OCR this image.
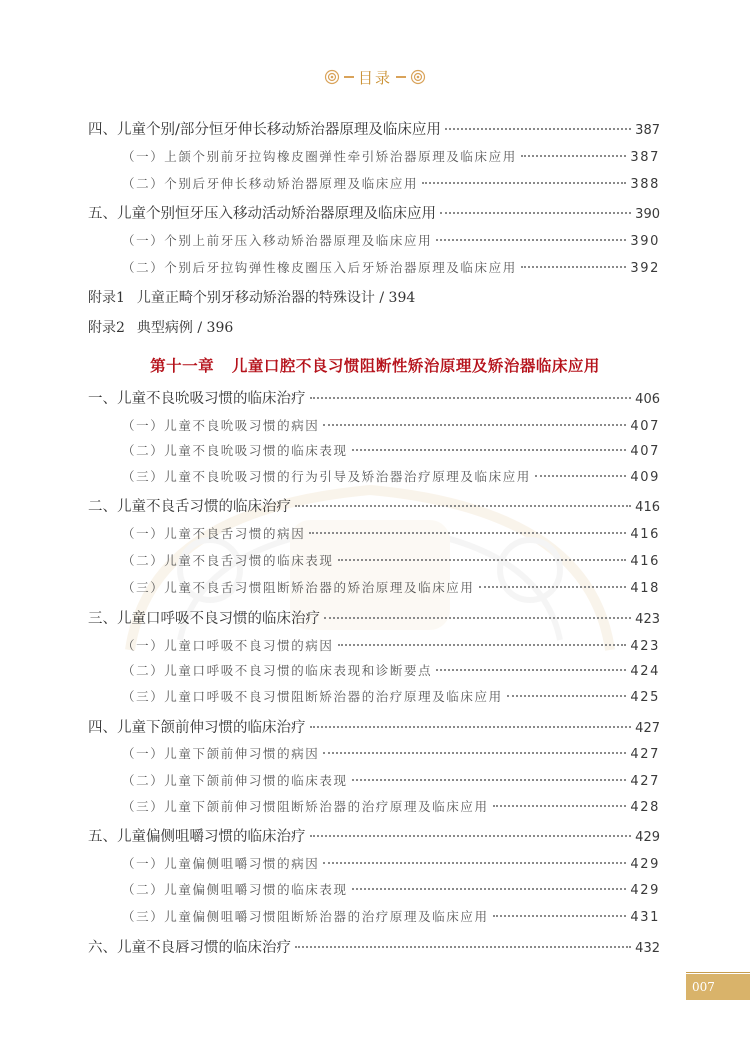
目录
四、儿童个别/部分恒牙伸长移动矫治器原理及临床应用	387
（一）上颌个别前牙拉钩橡皮圈弹性牵引矫治器原理及临床应用	387
（二）个别后牙伸长移动矫治器原理及临床应用	388
五、儿童个别恒牙压入移动活动矫治器原理及临床应用	390
（一）个别上前牙压入移动矫治器原理及临床应用	390
（二）个别后牙拉钩弹性橡皮圈压入后牙矫治器原理及临床应用	392
附录1 儿童正畸个别牙移动矫治器的特殊设计 / 394
附录2 典型病例 / 396
一、儿童不良吮吸习惯的临床治疗	406
（一）儿童不良吮吸习惯的病因	407
（二）儿童不良吮吸习惯的临床表现	407
（三）儿童不良吮吸习惯的行为引导及矫治器治疗原理及临床应用	409
二、儿童不良舌习惯的临床治疗	416
（一）儿童不良舌习惯的病因	416
（二）儿童不良舌习惯的临床表现	416
（三）儿童不良舌习惯阻断矫治器的矫治原理及临床应用	418
三、儿童口呼吸不良习惯的临床治疗	423
（一）儿童口呼吸不良习惯的病因	423
（二）儿童口呼吸不良习惯的临床表现和诊断要点	424
（三）儿童口呼吸不良习惯阻断矫治器的治疗原理及临床应用	425
四、儿童下颌前伸习惯的临床治疗	427
（一）儿童下颌前伸习惯的病因	427
（二）儿童下颌前伸习惯的临床表现	427
（三）儿童下颌前伸习惯阻断矫治器的治疗原理及临床应用	428
五、儿童偏侧咀嚼习惯的临床治疗	429
（一）儿童偏侧咀嚼习惯的病因	429
（二）儿童偏侧咀嚼习惯的临床表现	429
（三）儿童偏侧咀嚼习惯阻断矫治器的治疗原理及临床应用	431
六、儿童不良唇习惯的临床治疗	432
第十一章 儿童口腔不良习惯阻断性矫治原理及矫治器临床应用
007
